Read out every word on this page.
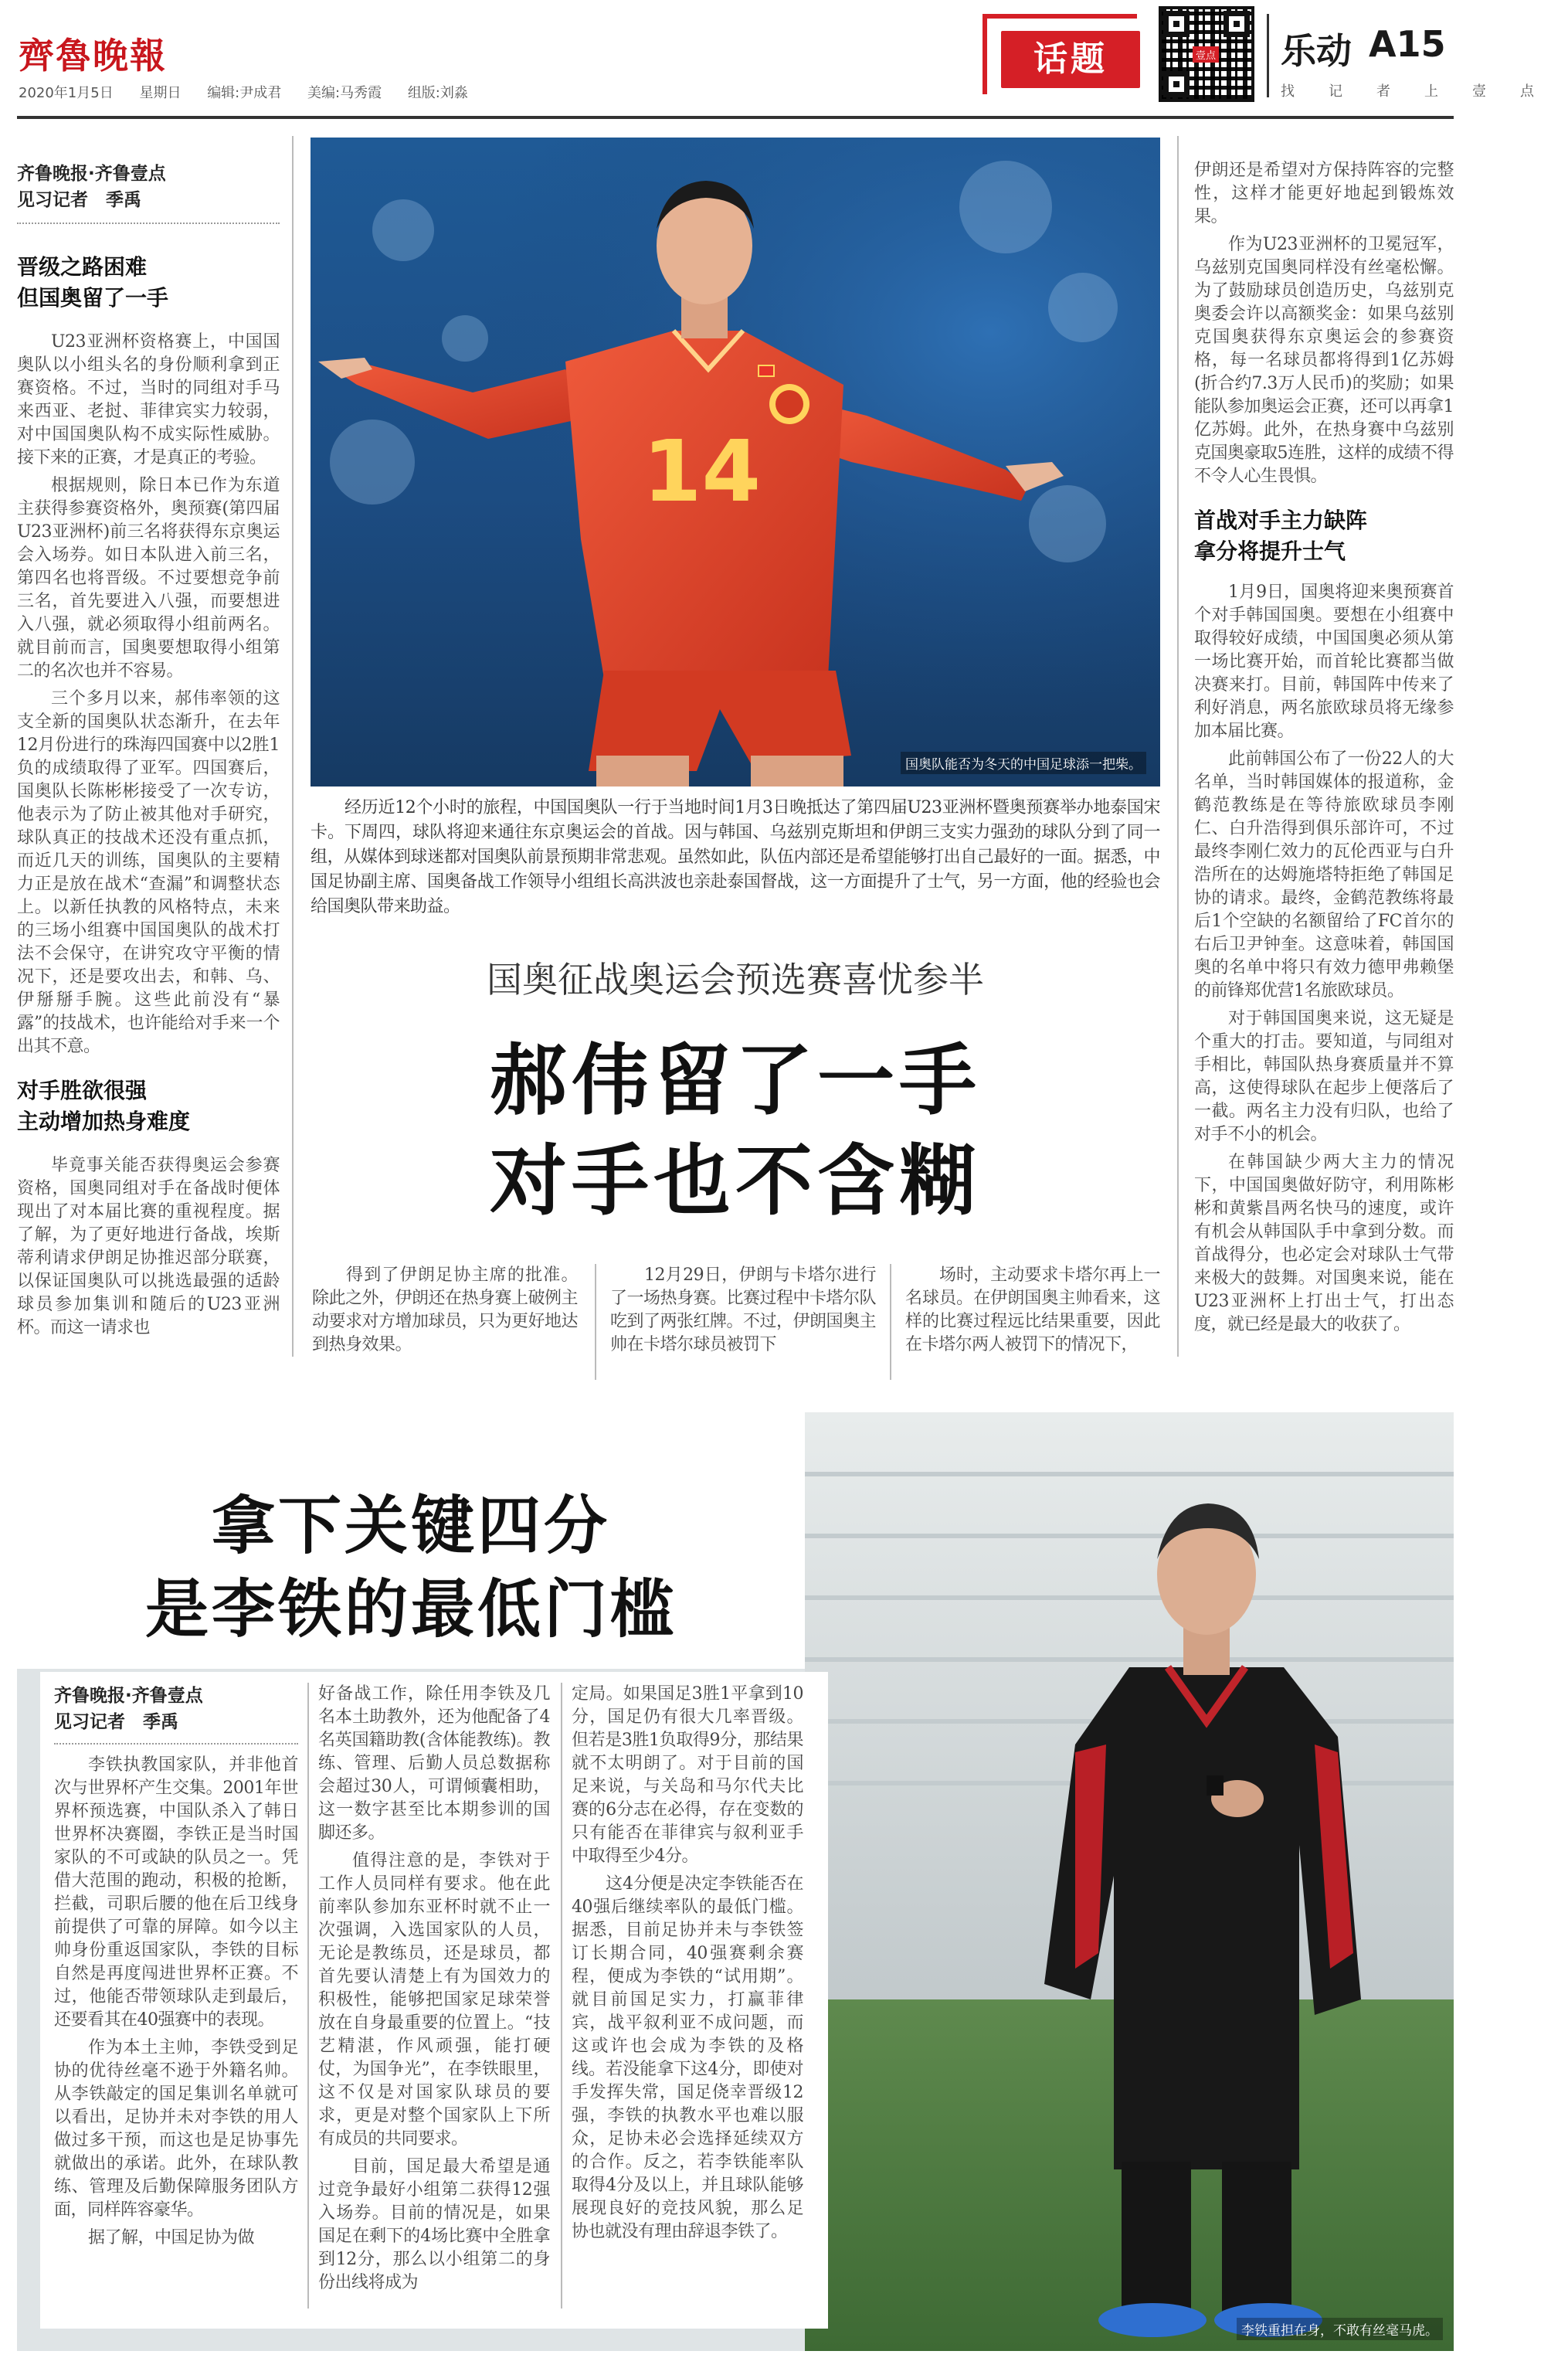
齊魯晚報
2020年1月5日 星期日 编辑:尹成君 美编:马秀霞 组版:刘淼
话题	壹点 乐动 A15
找 记 者 上 壹 点
齐鲁晚报·齐鲁壹点
见习记者　季禹
晋级之路困难
但国奥留了一手

U23亚洲杯资格赛上，中国国奥队以小组头名的身份顺利拿到正赛资格。不过，当时的同组对手马来西亚、老挝、菲律宾实力较弱，对中国国奥队构不成实际性威胁。接下来的正赛，才是真正的考验。

根据规则，除日本已作为东道主获得参赛资格外，奥预赛(第四届U23亚洲杯)前三名将获得东京奥运会入场券。如日本队进入前三名，第四名也将晋级。不过要想竞争前三名，首先要进入八强，而要想进入八强，就必须取得小组前两名。就目前而言，国奥要想取得小组第二的名次也并不容易。

三个多月以来，郝伟率领的这支全新的国奥队状态渐升，在去年12月份进行的珠海四国赛中以2胜1负的成绩取得了亚军。四国赛后，国奥队长陈彬彬接受了一次专访，他表示为了防止被其他对手研究，球队真正的技战术还没有重点抓，而近几天的训练，国奥队的主要精力正是放在战术“查漏”和调整状态上。以新任执教的风格特点，未来的三场小组赛中国国奥队的战术打法不会保守，在讲究攻守平衡的情况下，还是要攻出去，和韩、乌、伊掰掰手腕。这些此前没有“暴露”的技战术，也许能给对手来一个出其不意。

对手胜欲很强
主动增加热身难度

毕竟事关能否获得奥运会参赛资格，国奥同组对手在备战时便体现出了对本届比赛的重视程度。据了解，为了更好地进行备战，埃斯蒂利请求伊朗足协推迟部分联赛，以保证国奥队可以挑选最强的适龄球员参加集训和随后的U23亚洲杯。而这一请求也

14
国奥队能否为冬天的中国足球添一把柴。

经历近12个小时的旅程，中国国奥队一行于当地时间1月3日晚抵达了第四届U23亚洲杯暨奥预赛举办地泰国宋卡。下周四，球队将迎来通往东京奥运会的首战。因与韩国、乌兹别克斯坦和伊朗三支实力强劲的球队分到了同一组，从媒体到球迷都对国奥队前景预期非常悲观。虽然如此，队伍内部还是希望能够打出自己最好的一面。据悉，中国足协副主席、国奥备战工作领导小组组长高洪波也亲赴泰国督战，这一方面提升了士气，另一方面，他的经验也会给国奥队带来助益。

国奥征战奥运会预选赛喜忧参半
郝伟留了一手
对手也不含糊

得到了伊朗足协主席的批准。除此之外，伊朗还在热身赛上破例主动要求对方增加球员，只为更好地达到热身效果。

12月29日，伊朗与卡塔尔进行了一场热身赛。比赛过程中卡塔尔队吃到了两张红牌。不过，伊朗国奥主帅在卡塔尔球员被罚下

场时，主动要求卡塔尔再上一名球员。在伊朗国奥主帅看来，这样的比赛过程远比结果重要，因此在卡塔尔两人被罚下的情况下，

伊朗还是希望对方保持阵容的完整性，这样才能更好地起到锻炼效果。

作为U23亚洲杯的卫冕冠军，乌兹别克国奥同样没有丝毫松懈。为了鼓励球员创造历史，乌兹别克奥委会许以高额奖金：如果乌兹别克国奥获得东京奥运会的参赛资格，每一名球员都将得到1亿苏姆(折合约7.3万人民币)的奖励；如果能队参加奥运会正赛，还可以再拿1亿苏姆。此外，在热身赛中乌兹别克国奥豪取5连胜，这样的成绩不得不令人心生畏惧。

首战对手主力缺阵
拿分将提升士气

1月9日，国奥将迎来奥预赛首个对手韩国国奥。要想在小组赛中取得较好成绩，中国国奥必须从第一场比赛开始，而首轮比赛都当做决赛来打。目前，韩国阵中传来了利好消息，两名旅欧球员将无缘参加本届比赛。

此前韩国公布了一份22人的大名单，当时韩国媒体的报道称，金鹤范教练是在等待旅欧球员李刚仁、白升浩得到俱乐部许可，不过最终李刚仁效力的瓦伦西亚与白升浩所在的达姆施塔特拒绝了韩国足协的请求。最终，金鹤范教练将最后1个空缺的名额留给了FC首尔的右后卫尹钟奎。这意味着，韩国国奥的名单中将只有效力德甲弗赖堡的前锋郑优营1名旅欧球员。

对于韩国国奥来说，这无疑是个重大的打击。要知道，与同组对手相比，韩国队热身赛质量并不算高，这使得球队在起步上便落后了一截。两名主力没有归队，也给了对手不小的机会。

在韩国缺少两大主力的情况下，中国国奥做好防守，利用陈彬彬和黄紫昌两名快马的速度，或许有机会从韩国队手中拿到分数。而首战得分，也必定会对球队士气带来极大的鼓舞。对国奥来说，能在U23亚洲杯上打出士气，打出态度，就已经是最大的收获了。

李铁重担在身，不敢有丝毫马虎。
拿下关键四分
是李铁的最低门槛
齐鲁晚报·齐鲁壹点
见习记者　季禹

李铁执教国家队，并非他首次与世界杯产生交集。2001年世界杯预选赛，中国队杀入了韩日世界杯决赛圈，李铁正是当时国家队的不可或缺的队员之一。凭借大范围的跑动，积极的抢断，拦截，司职后腰的他在后卫线身前提供了可靠的屏障。如今以主帅身份重返国家队，李铁的目标自然是再度闯进世界杯正赛。不过，他能否带领球队走到最后，还要看其在40强赛中的表现。

作为本土主帅，李铁受到足协的优待丝毫不逊于外籍名帅。从李铁敲定的国足集训名单就可以看出，足协并未对李铁的用人做过多干预，而这也是足协事先就做出的承诺。此外，在球队教练、管理及后勤保障服务团队方面，同样阵容豪华。

据了解，中国足协为做

好备战工作，除任用李铁及几名本土助教外，还为他配备了4名英国籍助教(含体能教练)。教练、管理、后勤人员总数据称会超过30人，可谓倾囊相助，这一数字甚至比本期参训的国脚还多。

值得注意的是，李铁对于工作人员同样有要求。他在此前率队参加东亚杯时就不止一次强调，入选国家队的人员，无论是教练员，还是球员，都首先要认清楚上有为国效力的积极性，能够把国家足球荣誉放在自身最重要的位置上。“技艺精湛，作风顽强，能打硬仗，为国争光”，在李铁眼里，这不仅是对国家队球员的要求，更是对整个国家队上下所有成员的共同要求。

目前，国足最大希望是通过竞争最好小组第二获得12强入场券。目前的情况是，如果国足在剩下的4场比赛中全胜拿到12分，那么以小组第二的身份出线将成为

定局。如果国足3胜1平拿到10分，国足仍有很大几率晋级。但若是3胜1负取得9分，那结果就不太明朗了。对于目前的国足来说，与关岛和马尔代夫比赛的6分志在必得，存在变数的只有能否在菲律宾与叙利亚手中取得至少4分。

这4分便是决定李铁能否在40强后继续率队的最低门槛。据悉，目前足协并未与李铁签订长期合同，40强赛剩余赛程，便成为李铁的“试用期”。就目前国足实力，打赢菲律宾，战平叙利亚不成问题，而这或许也会成为李铁的及格线。若没能拿下这4分，即使对手发挥失常，国足侥幸晋级12强，李铁的执教水平也难以服众，足协未必会选择延续双方的合作。反之，若李铁能率队取得4分及以上，并且球队能够展现良好的竞技风貌，那么足协也就没有理由辞退李铁了。
